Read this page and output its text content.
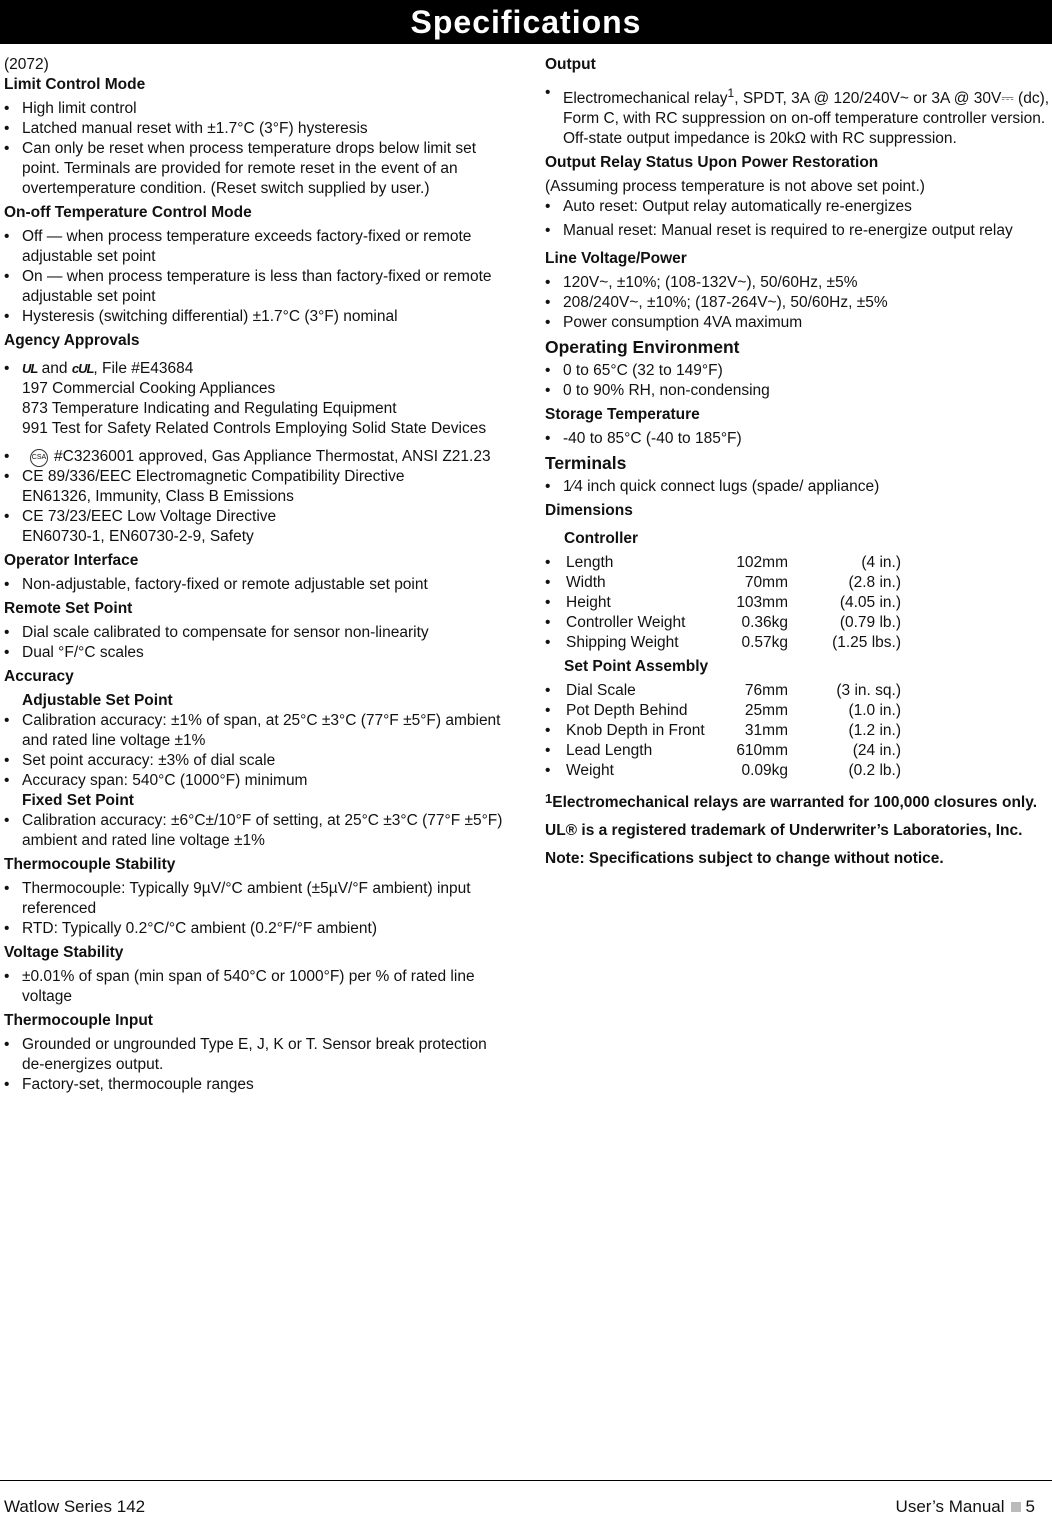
Specifications

(2072)

Limit Control Mode

• High limit control
• Latched manual reset with ±1.7°C (3°F) hysteresis
• Can only be reset when process temperature drops below limit set point. Terminals are provided for remote reset in the event of an overtemperature condition. (Reset switch supplied by user.)

On-off Temperature Control Mode

• Off — when process temperature exceeds factory-fixed or remote adjustable set point
• On — when process temperature is less than factory-fixed or remote adjustable set point
• Hysteresis (switching differential) ±1.7°C (3°F) nominal

Agency Approvals

• UL and cUL, File #E43684
197 Commercial Cooking Appliances
873 Temperature Indicating and Regulating Equipment
991 Test for Safety Related Controls Employing Solid State Devices
• CSA #C3236001 approved, Gas Appliance Thermostat, ANSI Z21.23
• CE 89/336/EEC Electromagnetic Compatibility Directive
EN61326, Immunity, Class B Emissions
• CE 73/23/EEC Low Voltage Directive
EN60730-1, EN60730-2-9, Safety

Operator Interface

• Non-adjustable, factory-fixed or remote adjustable set point

Remote Set Point

• Dial scale calibrated to compensate for sensor non-linearity
• Dual °F/°C scales

Accuracy

Adjustable Set Point

• Calibration accuracy: ±1% of span, at 25°C ±3°C (77°F ±5°F) ambient and rated line voltage ±1%
• Set point accuracy: ±3% of dial scale
• Accuracy span: 540°C (1000°F) minimum

Fixed Set Point

• Calibration accuracy: ±6°C±/10°F of setting, at 25°C ±3°C (77°F ±5°F) ambient and rated line voltage ±1%

Thermocouple Stability

• Thermocouple: Typically 9µV/°C ambient (±5µV/°F ambient) input referenced
• RTD: Typically 0.2°C/°C ambient (0.2°F/°F ambient)

Voltage Stability

• ±0.01% of span (min span of 540°C or 1000°F) per % of rated line voltage

Thermocouple Input

• Grounded or ungrounded Type E, J, K or T. Sensor break protection de-energizes output.
• Factory-set, thermocouple ranges

Output

• Electromechanical relay$^1$, SPDT, 3A @ 120/240V~ or 3A @ 30V⎓ (dc), Form C, with RC suppression on on-off temperature controller version. Off-state output impedance is 20kΩ with RC suppression.

Output Relay Status Upon Power Restoration

(Assuming process temperature is not above set point.)

• Auto reset: Output relay automatically re-energizes
• Manual reset: Manual reset is required to re-energize output relay

Line Voltage/Power

• 120V~, ±10%; (108-132V~), 50/60Hz, ±5%
• 208/240V~, ±10%; (187-264V~), 50/60Hz, ±5%
• Power consumption 4VA maximum

Operating Environment

• 0 to 65°C (32 to 149°F)
• 0 to 90% RH, non-condensing

Storage Temperature

• -40 to 85°C (-40 to 185°F)

Terminals

• 1⁄4 inch quick connect lugs (spade/ appliance)

Dimensions

Controller

•	Length	102mm	(4 in.)
•	Width	70mm	(2.8 in.)
•	Height	103mm	(4.05 in.)
•	Controller Weight	0.36kg	(0.79 lb.)
•	Shipping Weight	0.57kg	(1.25 lbs.)

Set Point Assembly

•	Dial Scale	76mm	(3 in. sq.)
•	Pot Depth Behind	25mm	(1.0 in.)
•	Knob Depth in Front	31mm	(1.2 in.)
•	Lead Length	610mm	(24 in.)
•	Weight	0.09kg	(0.2 lb.)

$^1$Electromechanical relays are warranted for 100,000 closures only.

UL® is a registered trademark of Underwriter’s Laboratories, Inc.

Note: Specifications subject to change without notice.

Watlow Series 142	User’s Manual 5
